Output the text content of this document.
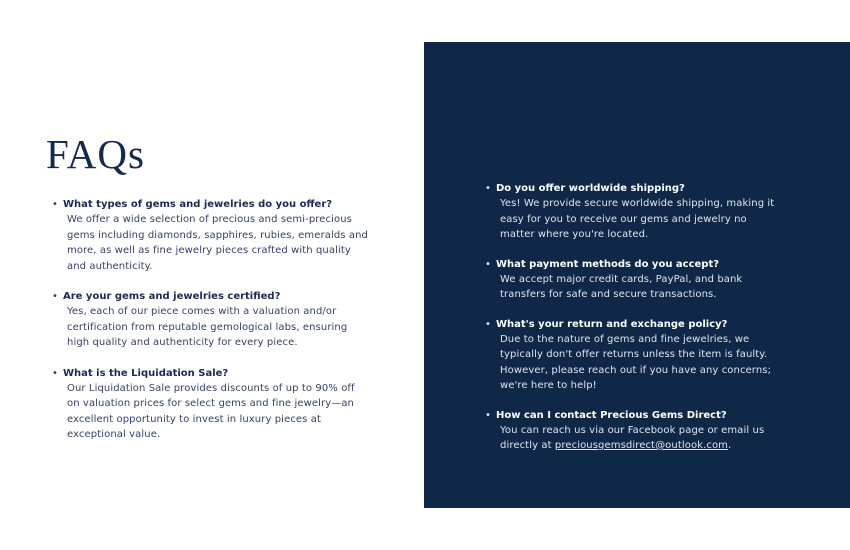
FAQs
• What types of gems and jewelries do you offer?
We offer a wide selection of precious and semi-precious gems including diamonds, sapphires, rubies, emeralds and more, as well as fine jewelry pieces crafted with quality and authenticity.
• Are your gems and jewelries certified?
Yes, each of our piece comes with a valuation and/or certification from reputable gemological labs, ensuring high quality and authenticity for every piece.
• What is the Liquidation Sale?
Our Liquidation Sale provides discounts of up to 90% off on valuation prices for select gems and fine jewelry—an excellent opportunity to invest in luxury pieces at exceptional value.
• Do you offer worldwide shipping?
Yes! We provide secure worldwide shipping, making it easy for you to receive our gems and jewelry no matter where you're located.
• What payment methods do you accept?
We accept major credit cards, PayPal, and bank transfers for safe and secure transactions.
• What's your return and exchange policy?
Due to the nature of gems and fine jewelries, we typically don't offer returns unless the item is faulty. However, please reach out if you have any concerns; we're here to help!
• How can I contact Precious Gems Direct?
You can reach us via our Facebook page or email us directly at preciousgemsdirect@outlook.com.
